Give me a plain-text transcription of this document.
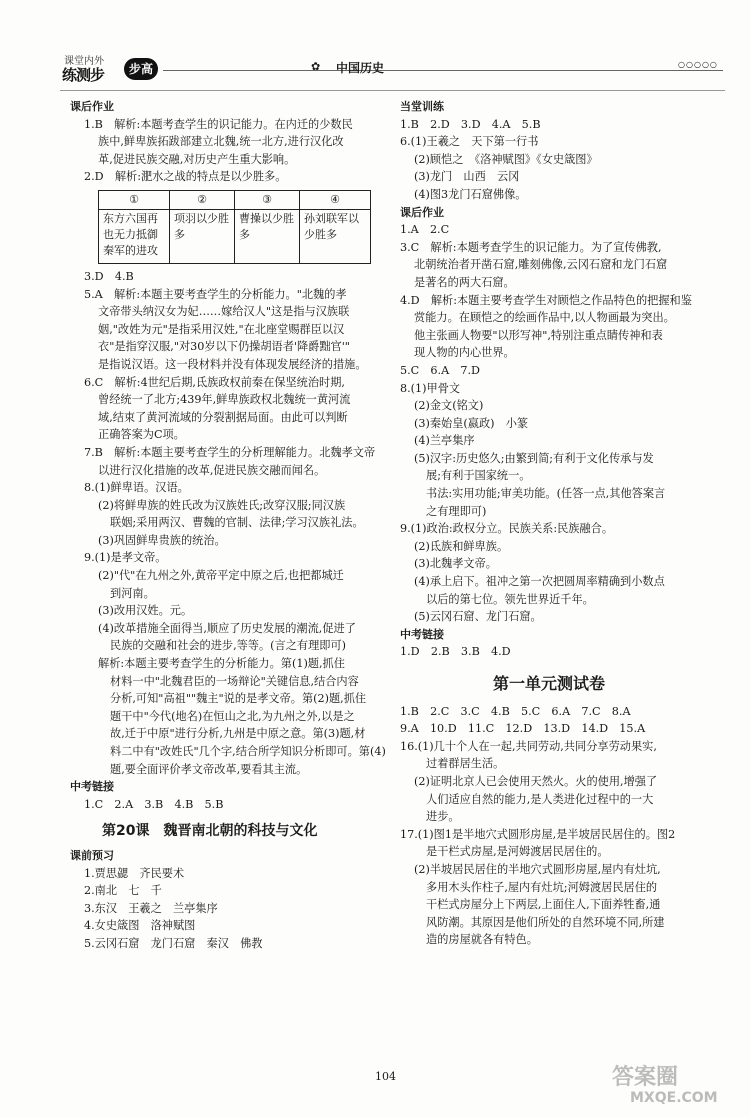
课堂内外
练测步	步高	✿ 中国历史	○○○○○
课后作业
1.B　解析:本题考查学生的识记能力。在内迁的少数民
族中,鲜卑族拓跋部建立北魏,统一北方,进行汉化改
革,促进民族交融,对历史产生重大影响。
2.D　解析:淝水之战的特点是以少胜多。
①	②	③	④
东方六国再也无力抵御秦军的进攻	项羽以少胜多	曹操以少胜多	孙刘联军以少胜多
3.D　4.B
5.A　解析:本题主要考查学生的分析能力。"北魏的孝
文帝带头纳汉女为妃……嫁给汉人"这是指与汉族联
姻,"改姓为元"是指采用汉姓,"在北座堂赐群臣以汉
衣"是指穿汉服,"对30岁以下仍操胡语者'降爵黜官'"
是指说汉语。这一段材料并没有体现发展经济的措施。
6.C　解析:4世纪后期,氐族政权前秦在保坚统治时期,
曾经统一了北方;439年,鲜卑族政权北魏统一黄河流
域,结束了黄河流域的分裂割据局面。由此可以判断
正确答案为C项。
7.B　解析:本题主要考查学生的分析理解能力。北魏孝文帝
以进行汉化措施的改革,促进民族交融而闻名。
8.(1)鲜卑语。汉语。
(2)将鲜卑族的姓氏改为汉族姓氏;改穿汉服;同汉族
联姻;采用两汉、曹魏的官制、法律;学习汉族礼法。
(3)巩固鲜卑贵族的统治。
9.(1)是孝文帝。
(2)"代"在九州之外,黄帝平定中原之后,也把都城迁
到河南。
(3)改用汉姓。元。
(4)改革措施全面得当,顺应了历史发展的潮流,促进了
民族的交融和社会的进步,等等。(言之有理即可)
解析:本题主要考查学生的分析能力。第(1)题,抓住
材料一中"北魏君臣的一场辩论"关键信息,结合内容
分析,可知"高祖""魏主"说的是孝文帝。第(2)题,抓住
题干中"今代(地名)在恒山之北,为九州之外,以是之
故,迁于中原"进行分析,九州是中原之意。第(3)题,材
料二中有"改姓氏"几个字,结合所学知识分析即可。第(4)
题,要全面评价孝文帝改革,要看其主流。
中考链接
1.C　2.A　3.B　4.B　5.B
第20课　魏晋南北朝的科技与文化
课前预习
1.贾思勰　齐民要术
2.南北　七　千
3.东汉　王羲之　兰亭集序
4.女史箴图　洛神赋图
5.云冈石窟　龙门石窟　秦汉　佛教
当堂训练
1.B　2.D　3.D　4.A　5.B
6.(1)王羲之　天下第一行书
(2)顾恺之　《洛神赋图》《女史箴图》
(3)龙门　山西　云冈
(4)图3龙门石窟佛像。
课后作业
1.A　2.C
3.C　解析:本题考查学生的识记能力。为了宣传佛教,
北朝统治者开凿石窟,雕刻佛像,云冈石窟和龙门石窟
是著名的两大石窟。
4.D　解析:本题主要考查学生对顾恺之作品特色的把握和鉴
赏能力。在顾恺之的绘画作品中,以人物画最为突出。
他主张画人物要"以形写神",特别注重点睛传神和表
现人物的内心世界。
5.C　6.A　7.D
8.(1)甲骨文
(2)金文(铭文)
(3)秦始皇(嬴政)　小篆
(4)兰亭集序
(5)汉字:历史悠久;由繁到简;有利于文化传承与发
展;有利于国家统一。
书法:实用功能;审美功能。(任答一点,其他答案言
之有理即可)
9.(1)政治:政权分立。民族关系:民族融合。
(2)氐族和鲜卑族。
(3)北魏孝文帝。
(4)承上启下。祖冲之第一次把圆周率精确到小数点
以后的第七位。领先世界近千年。
(5)云冈石窟、龙门石窟。
中考链接
1.D　2.B　3.B　4.D
第一单元测试卷
1.B　2.C　3.C　4.B　5.C　6.A　7.C　8.A
9.A　10.D　11.C　12.D　13.D　14.D　15.A
16.(1)几十个人在一起,共同劳动,共同分享劳动果实,
过着群居生活。
(2)证明北京人已会使用天然火。火的使用,增强了
人们适应自然的能力,是人类进化过程中的一大
进步。
17.(1)图1是半地穴式圆形房屋,是半坡居民居住的。图2
是干栏式房屋,是河姆渡居民居住的。
(2)半坡居民居住的半地穴式圆形房屋,屋内有灶坑,
多用木头作柱子,屋内有灶坑;河姆渡居民居住的
干栏式房屋分上下两层,上面住人,下面养牲畜,通
风防潮。其原因是他们所处的自然环境不同,所建
造的房屋就各有特色。
104	答案圈
MXQE.COM
